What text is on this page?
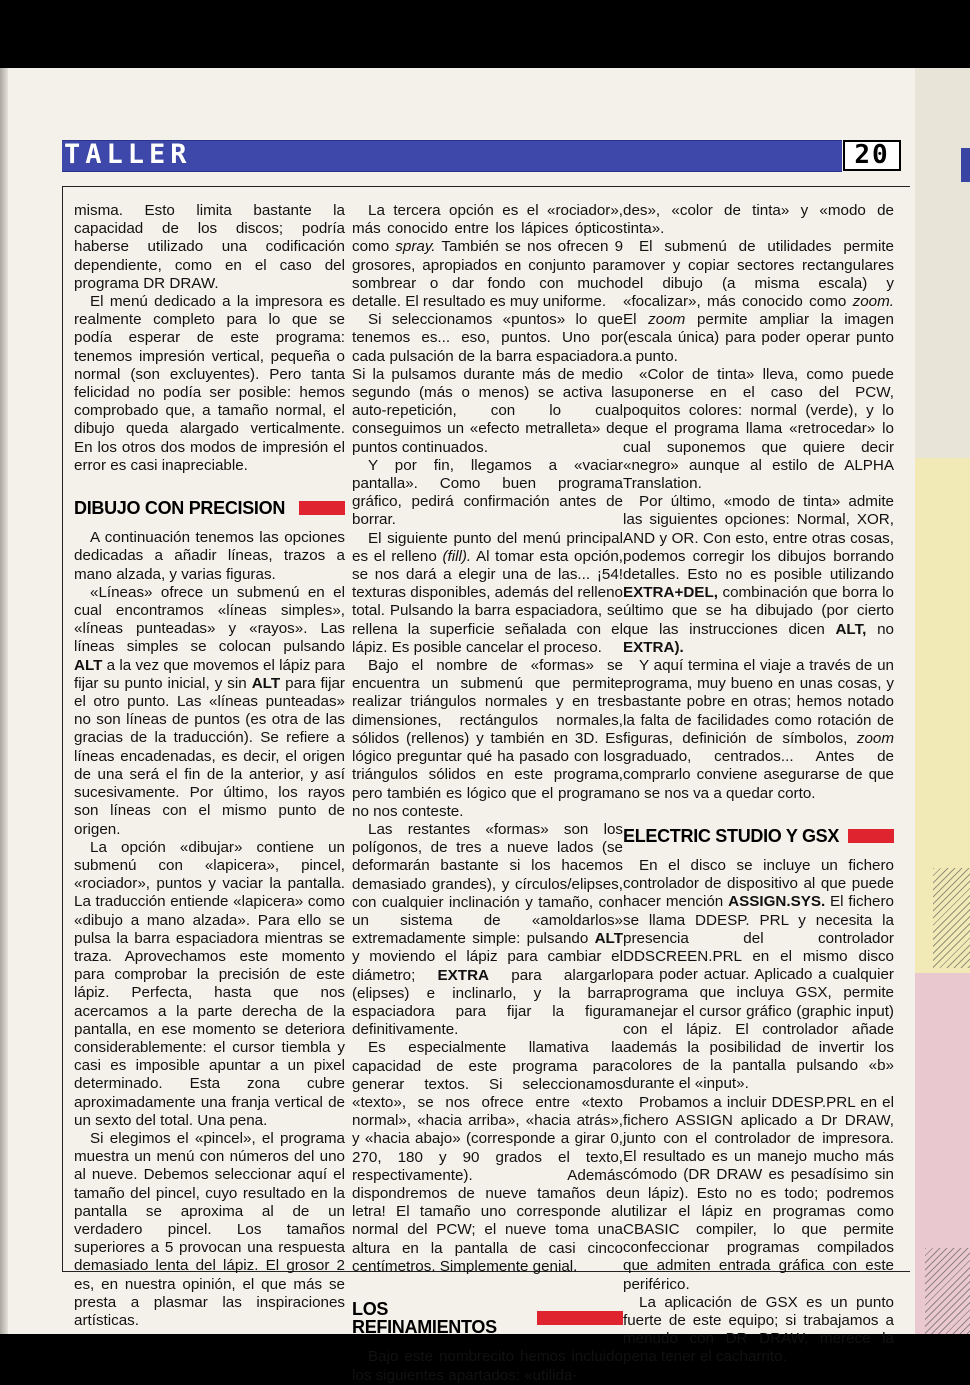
TALLER	20

misma. Esto limita bastante la capacidad de los discos; podría haberse utilizado una codificación dependiente, como en el caso del programa DR DRAW.

El menú dedicado a la impresora es realmente completo para lo que se podía esperar de este programa: tenemos impresión vertical, pequeña o normal (son excluyentes). Pero tanta felicidad no podía ser posible: hemos comprobado que, a tamaño normal, el dibujo queda alargado verticalmente. En los otros dos modos de impresión el error es casi inapreciable.

DIBUJO CON PRECISION

A continuación tenemos las opciones dedicadas a añadir líneas, trazos a mano alzada, y varias figuras.

«Líneas» ofrece un submenú en el cual encontramos «líneas simples», «líneas punteadas» y «rayos». Las líneas simples se colocan pulsando ALT a la vez que movemos el lápiz para fijar su punto inicial, y sin ALT para fijar el otro punto. Las «líneas punteadas» no son líneas de puntos (es otra de las gracias de la traducción). Se refiere a líneas encadenadas, es decir, el origen de una será el fin de la anterior, y así sucesivamente. Por último, los rayos son líneas con el mismo punto de origen.

La opción «dibujar» contiene un submenú con «lapicera», pincel, «rociador», puntos y vaciar la pantalla. La traducción entiende «lapicera» como «dibujo a mano alzada». Para ello se pulsa la barra espaciadora mientras se traza. Aprovechamos este momento para comprobar la precisión de este lápiz. Perfecta, hasta que nos acercamos a la parte derecha de la pantalla, en ese momento se deteriora considerablemente: el cursor tiembla y casi es imposible apuntar a un pixel determinado. Esta zona cubre aproximadamente una franja vertical de un sexto del total. Una pena.

Si elegimos el «pincel», el programa muestra un menú con números del uno al nueve. Debemos seleccionar aquí el tamaño del pincel, cuyo resultado en la pantalla se aproxima al de un verdadero pincel. Los tamaños superiores a 5 provocan una respuesta demasiado lenta del lápiz. El grosor 2 es, en nuestra opinión, el que más se presta a plasmar las inspiraciones artísticas.

La tercera opción es el «rociador», más conocido entre los lápices ópticos como spray. También se nos ofrecen 9 grosores, apropiados en conjunto para sombrear o dar fondo con mucho detalle. El resultado es muy uniforme.

Si seleccionamos «puntos» lo que tenemos es... eso, puntos. Uno por cada pulsación de la barra espaciadora. Si la pulsamos durante más de medio segundo (más o menos) se activa la auto-repetición, con lo cual conseguimos un «efecto metralleta» de puntos continuados.

Y por fin, llegamos a «vaciar pantalla». Como buen programa gráfico, pedirá confirmación antes de borrar.

El siguiente punto del menú principal es el relleno (fill). Al tomar esta opción, se nos dará a elegir una de las... ¡54! texturas disponibles, además del relleno total. Pulsando la barra espaciadora, se rellena la superficie señalada con el lápiz. Es posible cancelar el proceso.

Bajo el nombre de «formas» se encuentra un submenú que permite realizar triángulos normales y en tres dimensiones, rectángulos normales, sólidos (rellenos) y también en 3D. Es lógico preguntar qué ha pasado con los triángulos sólidos en este programa, pero también es lógico que el programa no nos conteste.

Las restantes «formas» son los polígonos, de tres a nueve lados (se deformarán bastante si los hacemos demasiado grandes), y círculos/elipses, con cualquier inclinación y tamaño, con un sistema de «amoldarlos» extremadamente simple: pulsando ALT y moviendo el lápiz para cambiar el diámetro; EXTRA para alargarlo (elipses) e inclinarlo, y la barra espaciadora para fijar la figura definitivamente.

Es especialmente llamativa la capacidad de este programa para generar textos. Si seleccionamos «texto», se nos ofrece entre «texto normal», «hacia arriba», «hacia atrás», y «hacia abajo» (corresponde a girar 0, 270, 180 y 90 grados el texto, respectivamente). Además dispondremos de nueve tamaños de letra! El tamaño uno corresponde al normal del PCW; el nueve toma una altura en la pantalla de casi cinco centímetros. Simplemente genial.

LOS REFINAMIENTOS

Bajo este nombrecito hemos incluido los siguientes apartados: «utilida-

des», «color de tinta» y «modo de tinta».

El submenú de utilidades permite mover y copiar sectores rectangulares del dibujo (a misma escala) y «focalizar», más conocido como zoom. El zoom permite ampliar la imagen (escala única) para poder operar punto a punto.

«Color de tinta» lleva, como puede suponerse en el caso del PCW, poquitos colores: normal (verde), y lo que el programa llama «retrocedar» lo cual suponemos que quiere decir «negro» aunque al estilo de ALPHA Translation.

Por último, «modo de tinta» admite las siguientes opciones: Normal, XOR, AND y OR. Con esto, entre otras cosas, podemos corregir los dibujos borrando detalles. Esto no es posible utilizando EXTRA+DEL, combinación que borra lo último que se ha dibujado (por cierto que las instrucciones dicen ALT, no EXTRA).

Y aquí termina el viaje a través de un programa, muy bueno en unas cosas, y bastante pobre en otras; hemos notado la falta de facilidades como rotación de figuras, definición de símbolos, zoom graduado, centrados... Antes de comprarlo conviene asegurarse de que no se nos va a quedar corto.

ELECTRIC STUDIO Y GSX

En el disco se incluye un fichero controlador de dispositivo al que puede hacer mención ASSIGN.SYS. El fichero se llama DDESP. PRL y necesita la presencia del controlador DDSCREEN.PRL en el mismo disco para poder actuar. Aplicado a cualquier programa que incluya GSX, permite manejar el cursor gráfico (graphic input) con el lápiz. El controlador añade además la posibilidad de invertir los colores de la pantalla pulsando «b» durante el «input».

Probamos a incluir DDESP.PRL en el fichero ASSIGN aplicado a Dr DRAW, junto con el controlador de impresora. El resultado es un manejo mucho más cómodo (DR DRAW es pesadísimo sin un lápiz). Esto no es todo; podremos utilizar el lápiz en programas como CBASIC compiler, lo que permite confeccionar programas compilados que admiten entrada gráfica con este periférico.

La aplicación de GSX es un punto fuerte de este equipo; si trabajamos a menudo con DR DRAW, merece la pena tener el cacharrito.
